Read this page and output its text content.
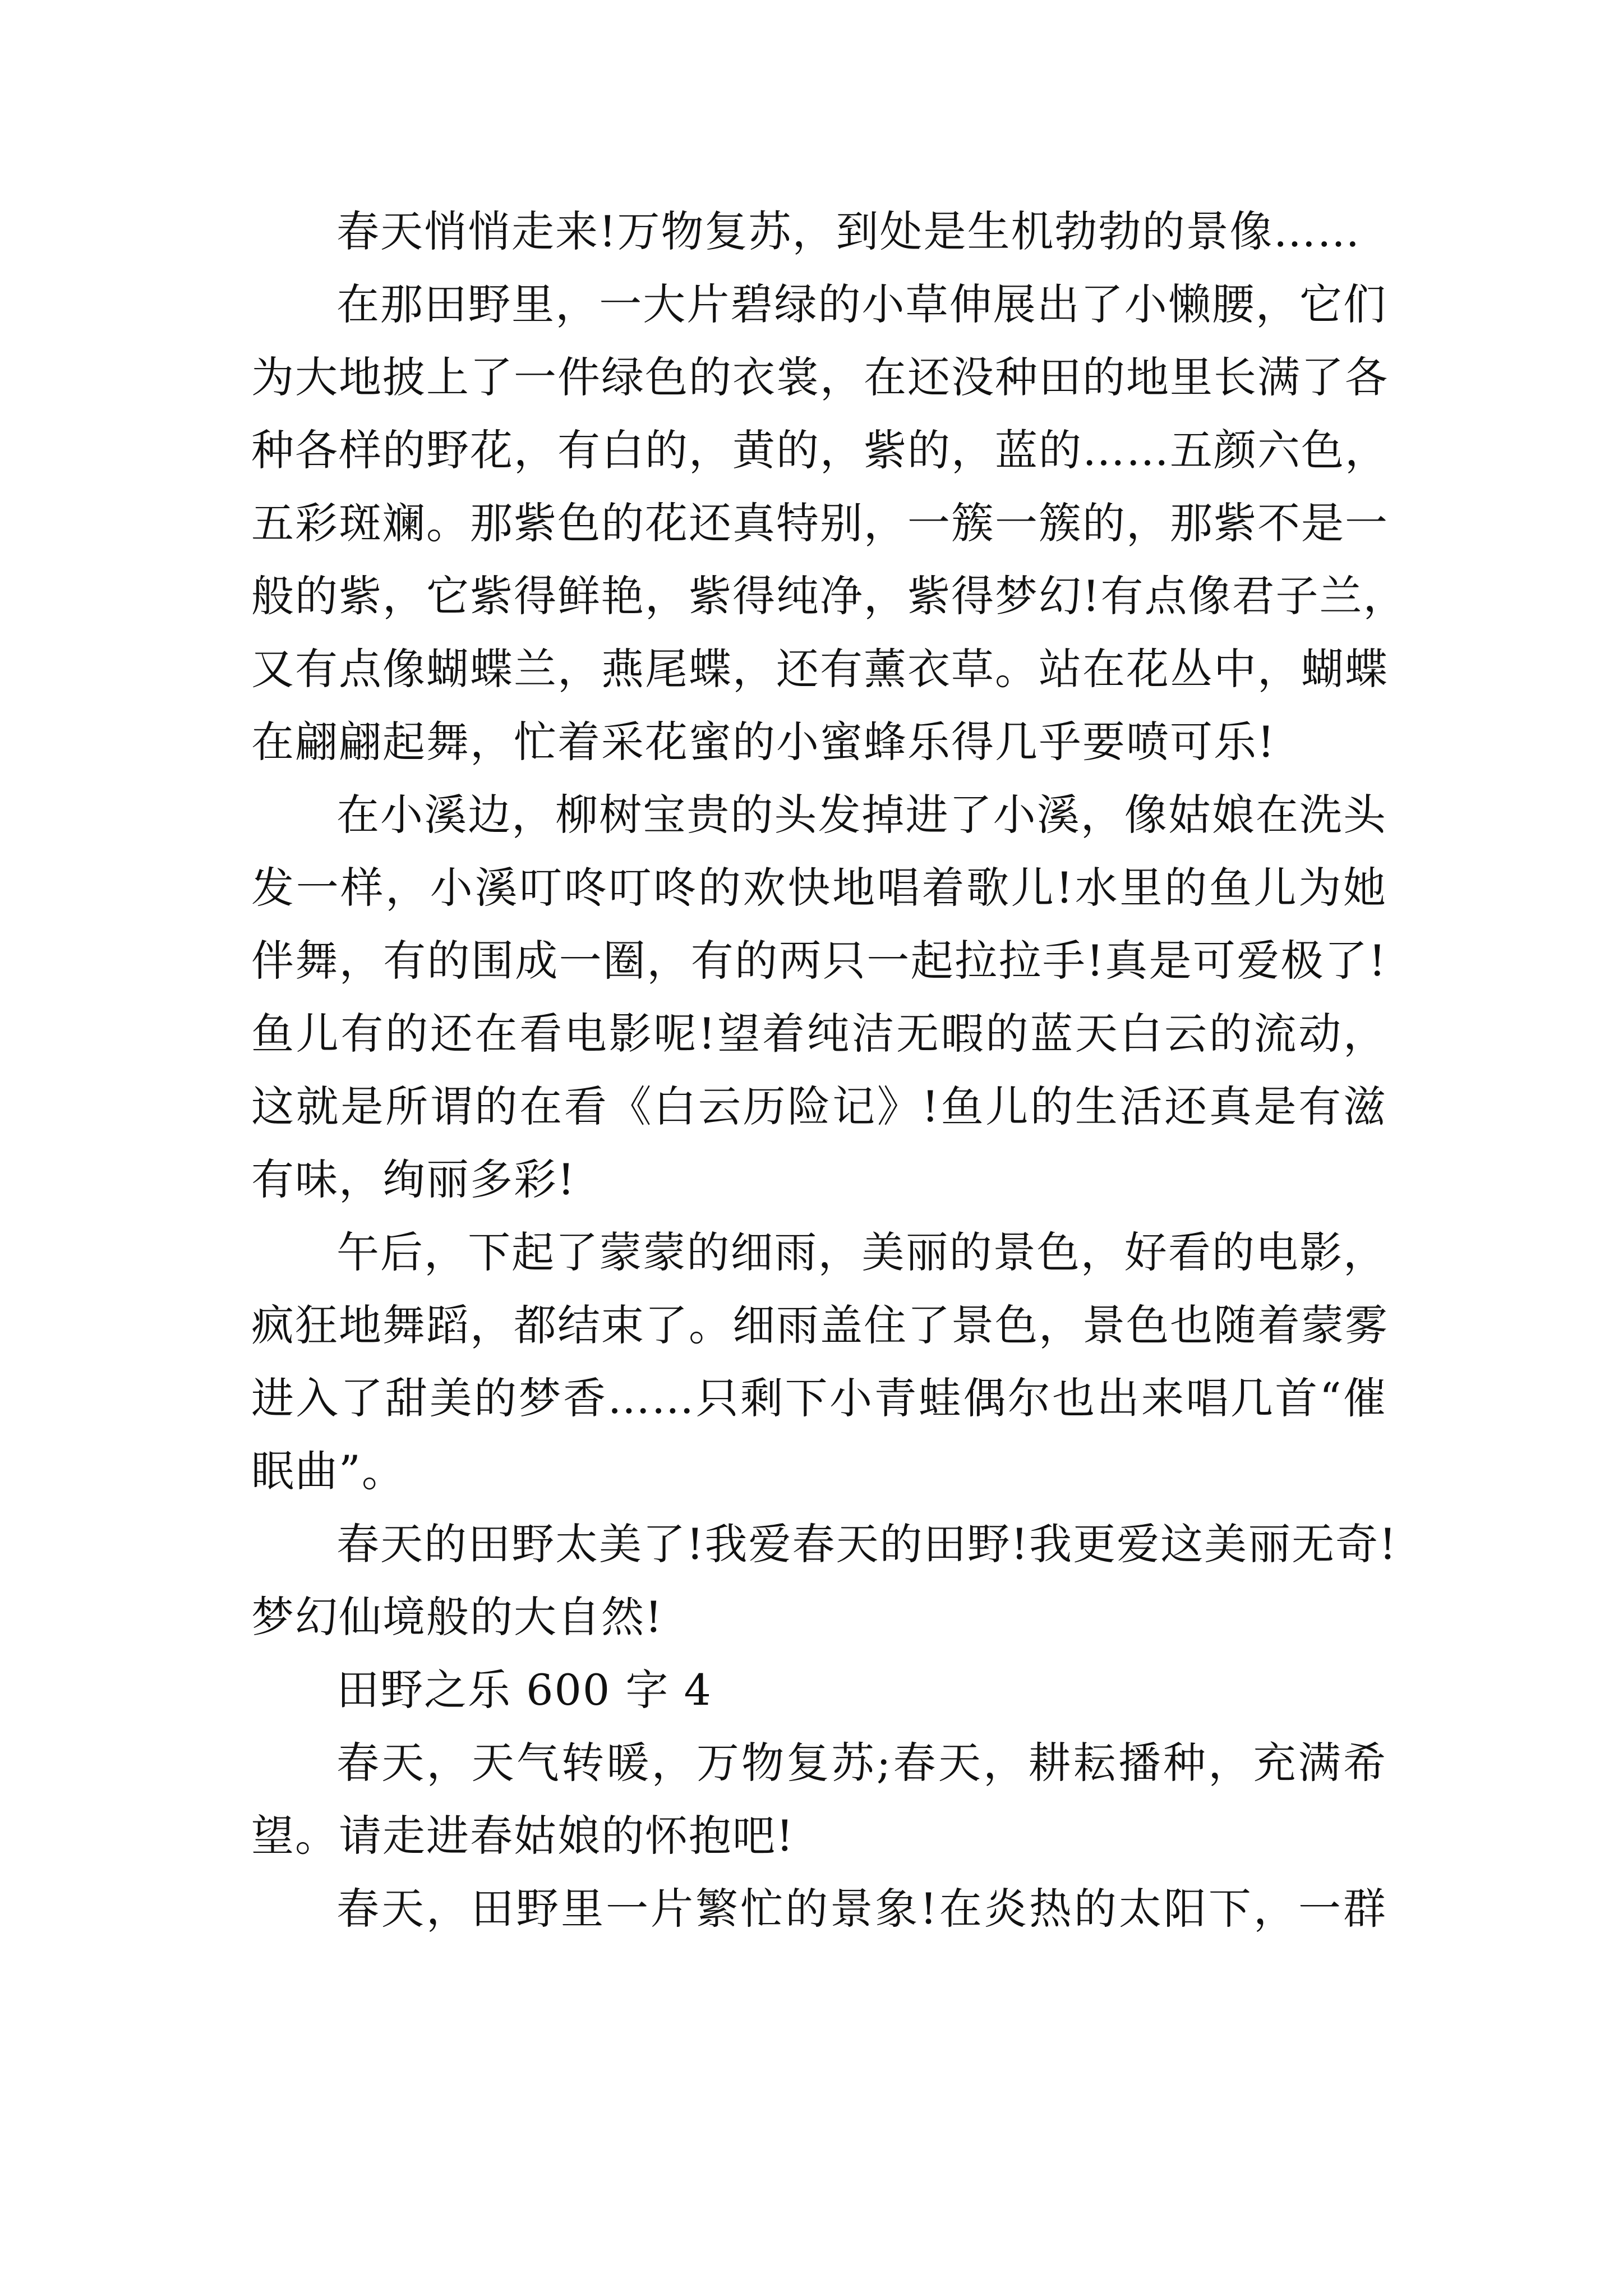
春天悄悄走来!万物复苏，到处是生机勃勃的景像……
在那田野里，一大片碧绿的小草伸展出了小懒腰，它们
为大地披上了一件绿色的衣裳，在还没种田的地里长满了各
种各样的野花，有白的，黄的，紫的，蓝的……五颜六色，
五彩斑斓。那紫色的花还真特别，一簇一簇的，那紫不是一
般的紫，它紫得鲜艳，紫得纯净，紫得梦幻!有点像君子兰，
又有点像蝴蝶兰，燕尾蝶，还有薰衣草。站在花丛中，蝴蝶
在翩翩起舞，忙着采花蜜的小蜜蜂乐得几乎要喷可乐!
在小溪边，柳树宝贵的头发掉进了小溪，像姑娘在洗头
发一样，小溪叮咚叮咚的欢快地唱着歌儿!水里的鱼儿为她
伴舞，有的围成一圈，有的两只一起拉拉手!真是可爱极了!
鱼儿有的还在看电影呢!望着纯洁无暇的蓝天白云的流动，
这就是所谓的在看《白云历险记》!鱼儿的生活还真是有滋
有味，绚丽多彩!
午后，下起了蒙蒙的细雨，美丽的景色，好看的电影，
疯狂地舞蹈，都结束了。细雨盖住了景色，景色也随着蒙雾
进入了甜美的梦香……只剩下小青蛙偶尔也出来唱几首“催
眠曲”。
春天的田野太美了!我爱春天的田野!我更爱这美丽无奇!
梦幻仙境般的大自然!
田野之乐 600 字 4
春天，天气转暖，万物复苏;春天，耕耘播种，充满希
望。请走进春姑娘的怀抱吧!
春天，田野里一片繁忙的景象!在炎热的太阳下，一群
